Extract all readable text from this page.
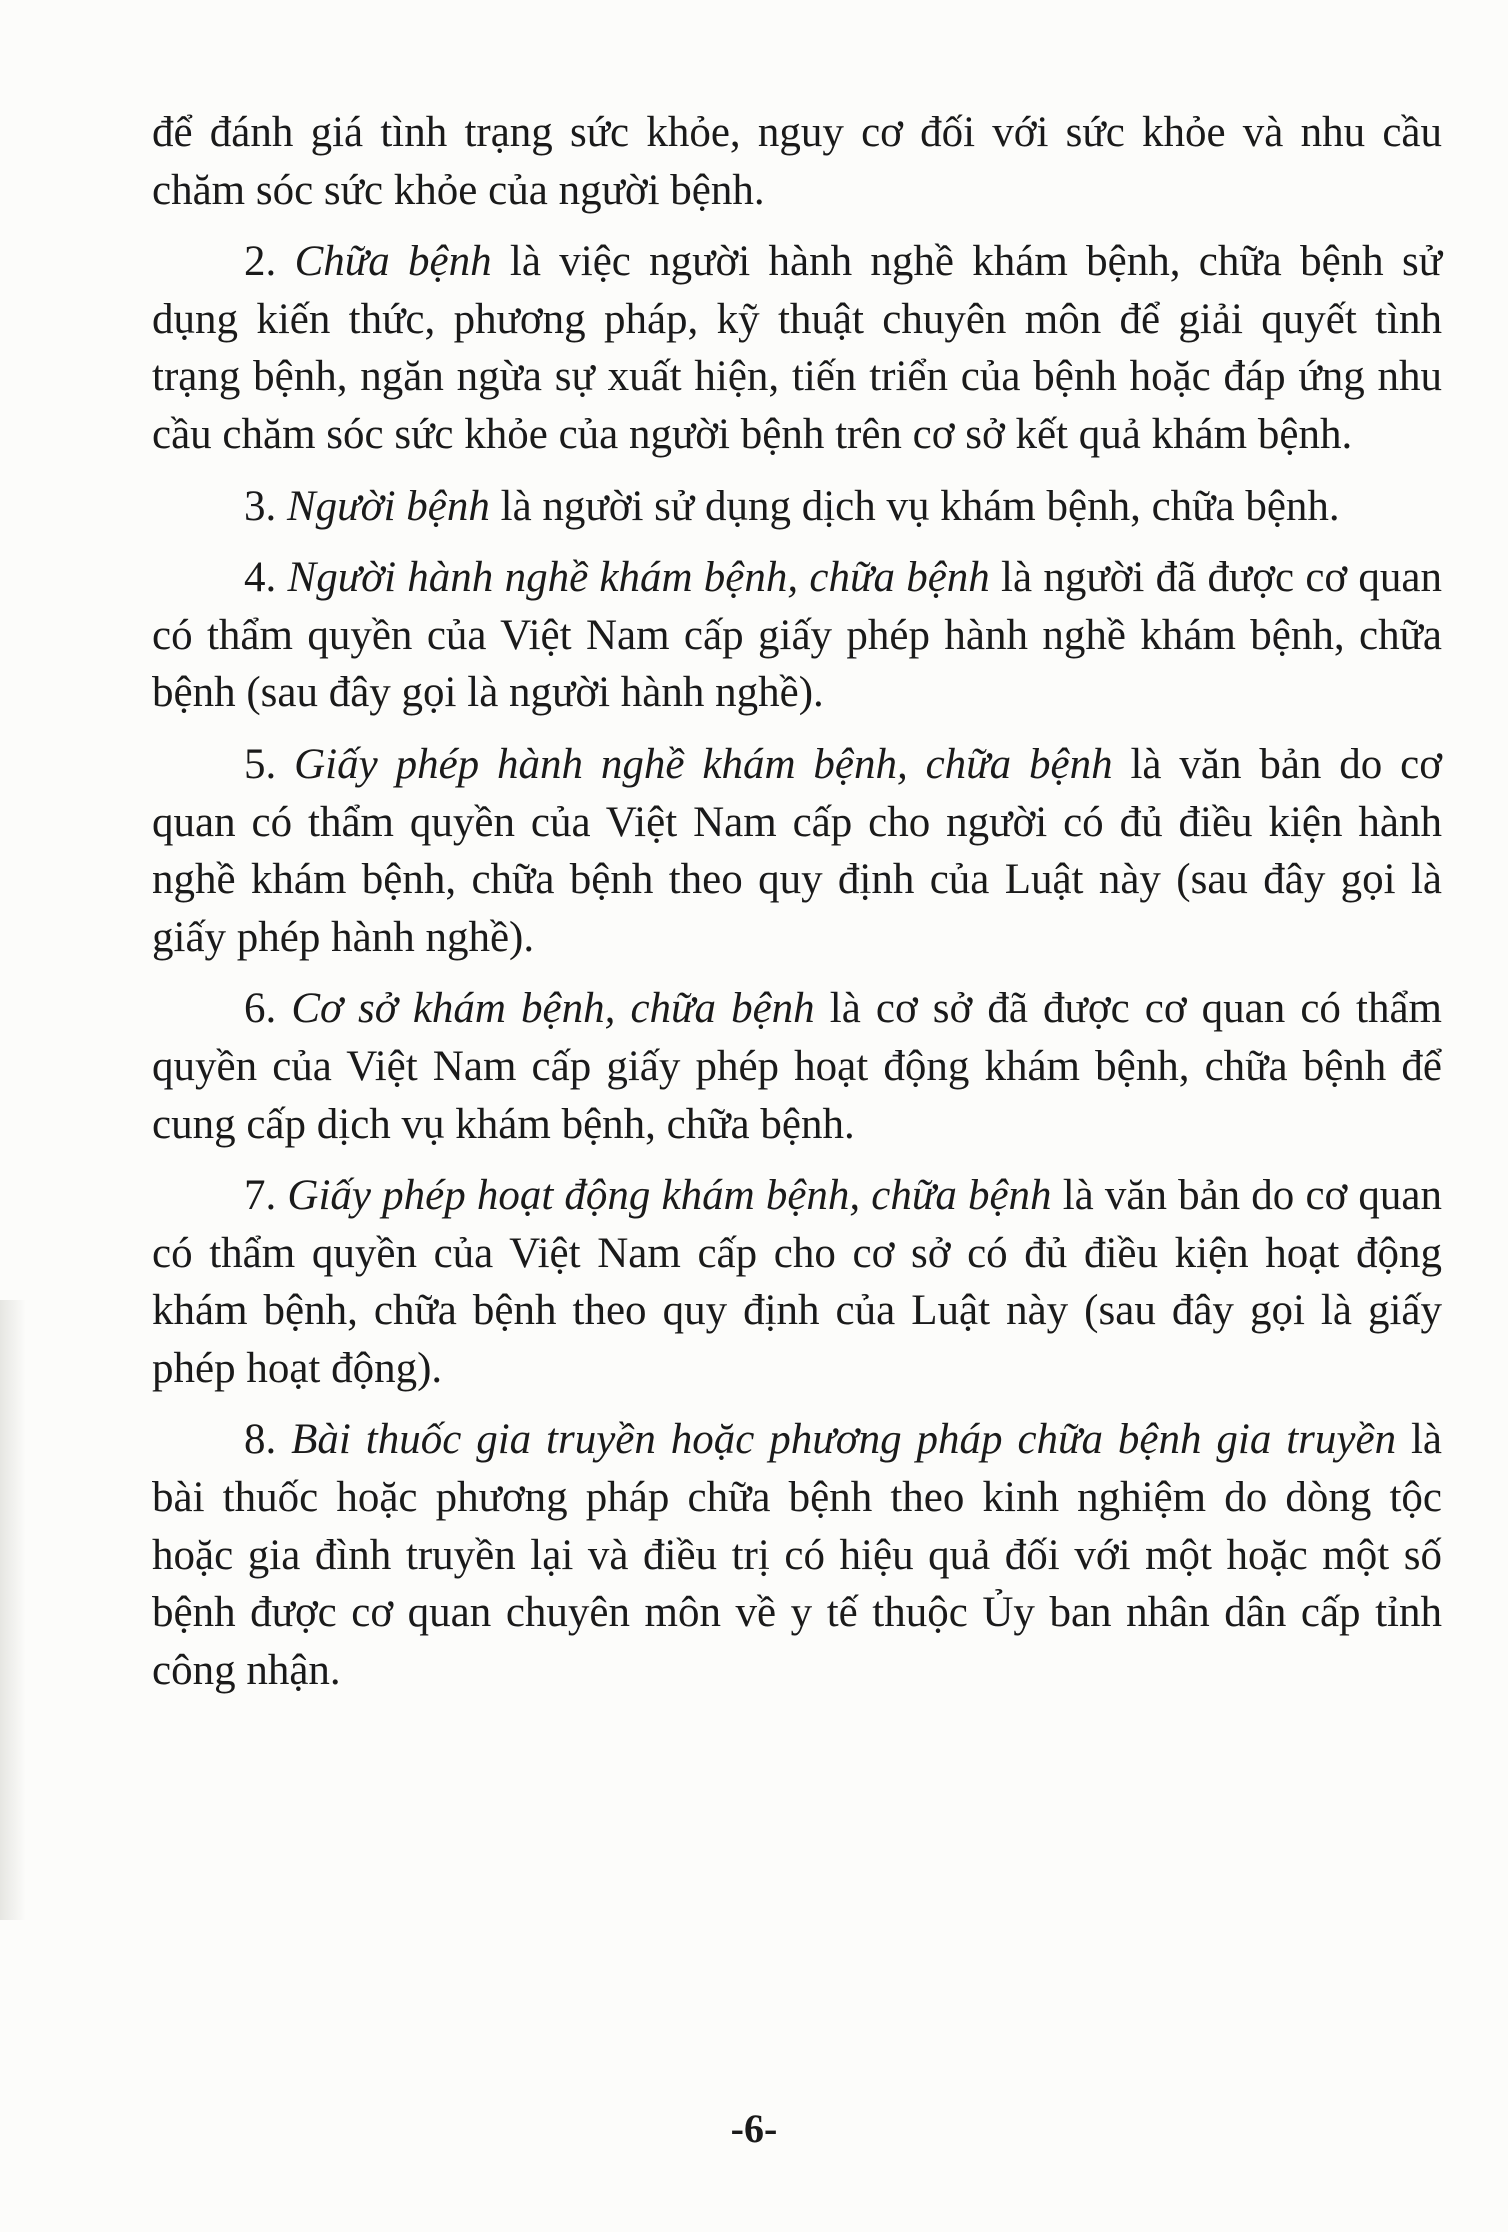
để đánh giá tình trạng sức khỏe, nguy cơ đối với sức khỏe và nhu cầu chăm sóc sức khỏe của người bệnh.

2. Chữa bệnh là việc người hành nghề khám bệnh, chữa bệnh sử dụng kiến thức, phương pháp, kỹ thuật chuyên môn để giải quyết tình trạng bệnh, ngăn ngừa sự xuất hiện, tiến triển của bệnh hoặc đáp ứng nhu cầu chăm sóc sức khỏe của người bệnh trên cơ sở kết quả khám bệnh.

3. Người bệnh là người sử dụng dịch vụ khám bệnh, chữa bệnh.

4. Người hành nghề khám bệnh, chữa bệnh là người đã được cơ quan có thẩm quyền của Việt Nam cấp giấy phép hành nghề khám bệnh, chữa bệnh (sau đây gọi là người hành nghề).

5. Giấy phép hành nghề khám bệnh, chữa bệnh là văn bản do cơ quan có thẩm quyền của Việt Nam cấp cho người có đủ điều kiện hành nghề khám bệnh, chữa bệnh theo quy định của Luật này (sau đây gọi là giấy phép hành nghề).

6. Cơ sở khám bệnh, chữa bệnh là cơ sở đã được cơ quan có thẩm quyền của Việt Nam cấp giấy phép hoạt động khám bệnh, chữa bệnh để cung cấp dịch vụ khám bệnh, chữa bệnh.

7. Giấy phép hoạt động khám bệnh, chữa bệnh là văn bản do cơ quan có thẩm quyền của Việt Nam cấp cho cơ sở có đủ điều kiện hoạt động khám bệnh, chữa bệnh theo quy định của Luật này (sau đây gọi là giấy phép hoạt động).

8. Bài thuốc gia truyền hoặc phương pháp chữa bệnh gia truyền là bài thuốc hoặc phương pháp chữa bệnh theo kinh nghiệm do dòng tộc hoặc gia đình truyền lại và điều trị có hiệu quả đối với một hoặc một số bệnh được cơ quan chuyên môn về y tế thuộc Ủy ban nhân dân cấp tỉnh công nhận.

-6-
